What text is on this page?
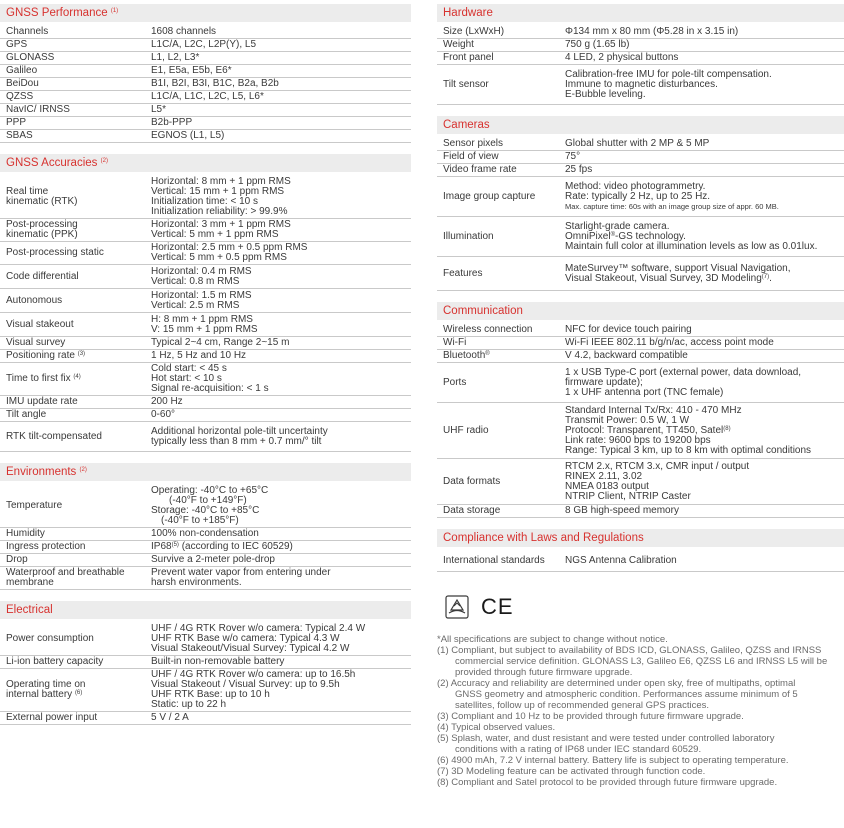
GNSS Performance $^{(1)}$
Channels	1608 channels
GPS	L1C/A, L2C, L2P(Y), L5
GLONASS	L1, L2, L3*
Galileo	E1, E5a, E5b, E6*
BeiDou	B1I, B2I, B3I, B1C, B2a, B2b
QZSS	L1C/A, L1C, L2C, L5, L6*
NavIC/ IRNSS	L5*
PPP	B2b-PPP
SBAS	EGNOS (L1, L5)
GNSS Accuracies $^{(2)}$
Real time
kinematic (RTK)	Horizontal: 8 mm + 1 ppm RMS
Vertical: 15 mm + 1 ppm RMS
Initialization time: < 10 s
Initialization reliability: > 99.9%

Post-processing
kinematic (PPK)	Horizontal: 3 mm + 1 ppm RMS
Vertical: 5 mm + 1 ppm RMS

Post-processing static	Horizontal: 2.5 mm + 0.5 ppm RMS
Vertical: 5 mm + 0.5 ppm RMS

Code differential	Horizontal: 0.4 m RMS
Vertical: 0.8 m RMS

Autonomous	Horizontal: 1.5 m RMS
Vertical: 2.5 m RMS

Visual stakeout	H: 8 mm + 1 ppm RMS
V: 15 mm + 1 ppm RMS

Visual survey	Typical 2~4 cm, Range 2~15 m
Positioning rate $^{(3)}$	1 Hz, 5 Hz and 10 Hz
Time to first fix $^{(4)}$	Cold start: < 45 s
Hot start: < 10 s
Signal re-acquisition: < 1 s

IMU update rate	200 Hz
Tilt angle	0-60°
RTK tilt-compensated	Additional horizontal pole-tilt uncertainty
typically less than 8 mm + 0.7 mm/° tilt
Environments $^{(2)}$
Temperature	Operating: -40°C to +65°C
(-40°F to +149°F)
Storage: -40°C to +85°C
(-40°F to +185°F)

Humidity	100% non-condensation
Ingress protection	IP68$^{(5)}$ (according to IEC 60529)
Drop	Survive a 2-meter pole-drop

Waterproof and breathable
membrane	Prevent water vapor from entering under
harsh environments.
Electrical
Power consumption	UHF / 4G RTK Rover w/o camera: Typical 2.4 W
UHF RTK Base w/o camera: Typical 4.3 W
Visual Stakeout/Visual Survey: Typical 4.2 W

Li-ion battery capacity	Built-in non-removable battery

Operating time on
internal battery $^{(6)}$	UHF / 4G RTK Rover w/o camera: up to 16.5h
Visual Stakeout / Visual Survey: up to 9.5h
UHF RTK Base: up to 10 h
Static: up to 22 h

External power input	5 V / 2 A
Hardware
Size (LxWxH)	Φ134 mm x 80 mm (Φ5.28 in x 3.15 in)
Weight	750 g (1.65 lb)
Front panel	4 LED, 2 physical buttons
Tilt sensor	Calibration-free IMU for pole-tilt compensation.
Immune to magnetic disturbances.
E-Bubble leveling.
Cameras
Sensor pixels	Global shutter with 2 MP & 5 MP
Field of view	75°
Video frame rate	25 fps
Image group capture	Method: video photogrammetry.
Rate: typically 2 Hz, up to 25 Hz.
Max. capture time: 60s with an image group size of appr. 60 MB.

Illumination	Starlight-grade camera.
OmniPixel®-GS technology.
Maintain full color at illumination levels as low as 0.01lux.

Features	MateSurvey™ software, support Visual Navigation,
Visual Stakeout, Visual Survey, 3D Modeling$^{(7)}$.
Communication
Wireless connection	NFC for device touch pairing
Wi-Fi	Wi-Fi IEEE 802.11 b/g/n/ac, access point mode
Bluetooth®	V 4.2, backward compatible
Ports	1 x USB Type-C port (external power, data download,
firmware update);
1 x UHF antenna port (TNC female)

UHF radio	Standard Internal Tx/Rx: 410 - 470 MHz
Transmit Power: 0.5 W, 1 W
Protocol: Transparent, TT450, Satel$^{(8)}$
Link rate: 9600 bps to 19200 bps
Range: Typical 3 km, up to 8 km with optimal conditions

Data formats	RTCM 2.x, RTCM 3.x, CMR input / output
RINEX 2.11, 3.02
NMEA 0183 output
NTRIP Client, NTRIP Caster

Data storage	8 GB high-speed memory
Compliance with Laws and Regulations
International standards	NGS Antenna Calibration
CE
*All specifications are subject to change without notice.
(1) Compliant, but subject to availability of BDS ICD, GLONASS, Galileo, QZSS and IRNSS
commercial service definition. GLONASS L3, Galileo E6, QZSS L6 and IRNSS L5 will be
provided through future firmware upgrade.
(2) Accuracy and reliability are determined under open sky, free of multipaths, optimal
GNSS geometry and atmospheric condition. Performances assume minimum of 5
satellites, follow up of recommended general GPS practices.
(3) Compliant and 10 Hz to be provided through future firmware upgrade.
(4) Typical observed values.
(5) Splash, water, and dust resistant and were tested under controlled laboratory
conditions with a rating of IP68 under IEC standard 60529.
(6) 4900 mAh, 7.2 V internal battery. Battery life is subject to operating temperature.
(7) 3D Modeling feature can be activated through function code.
(8) Compliant and Satel protocol to be provided through future firmware upgrade.
